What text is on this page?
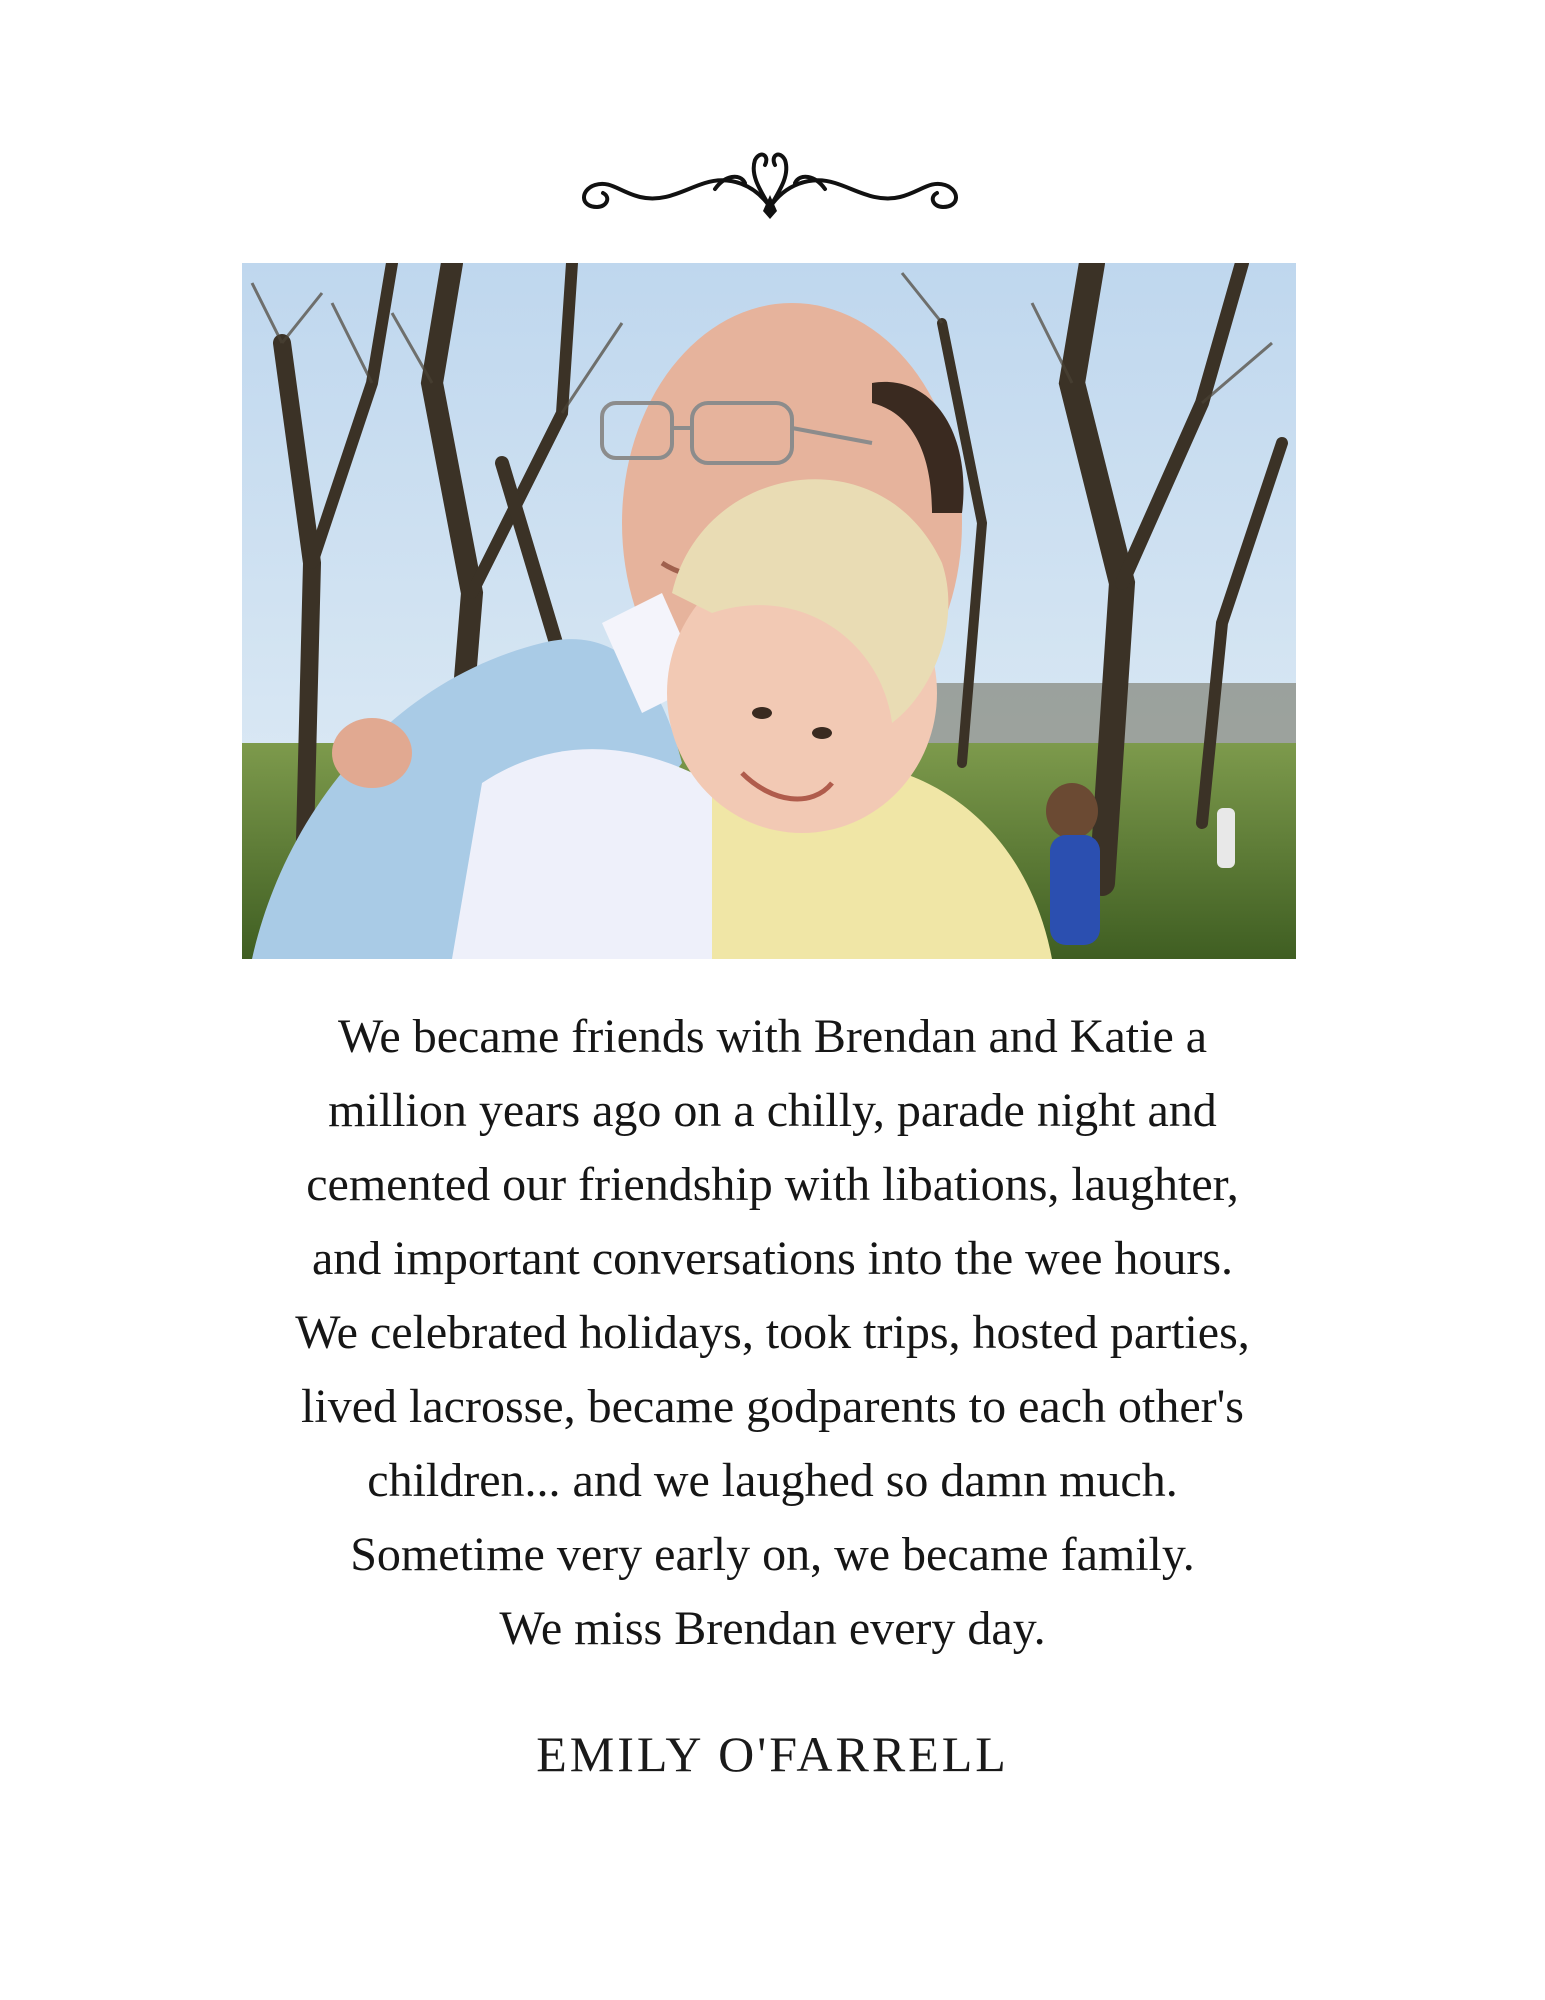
We became friends with Brendan and Katie a
million years ago on a chilly, parade night and
cemented our friendship with libations, laughter,
and important conversations into the wee hours.
We celebrated holidays, took trips, hosted parties,
lived lacrosse, became godparents to each other's
children... and we laughed so damn much.
Sometime very early on, we became family.
We miss Brendan every day.
EMILY O'FARRELL
